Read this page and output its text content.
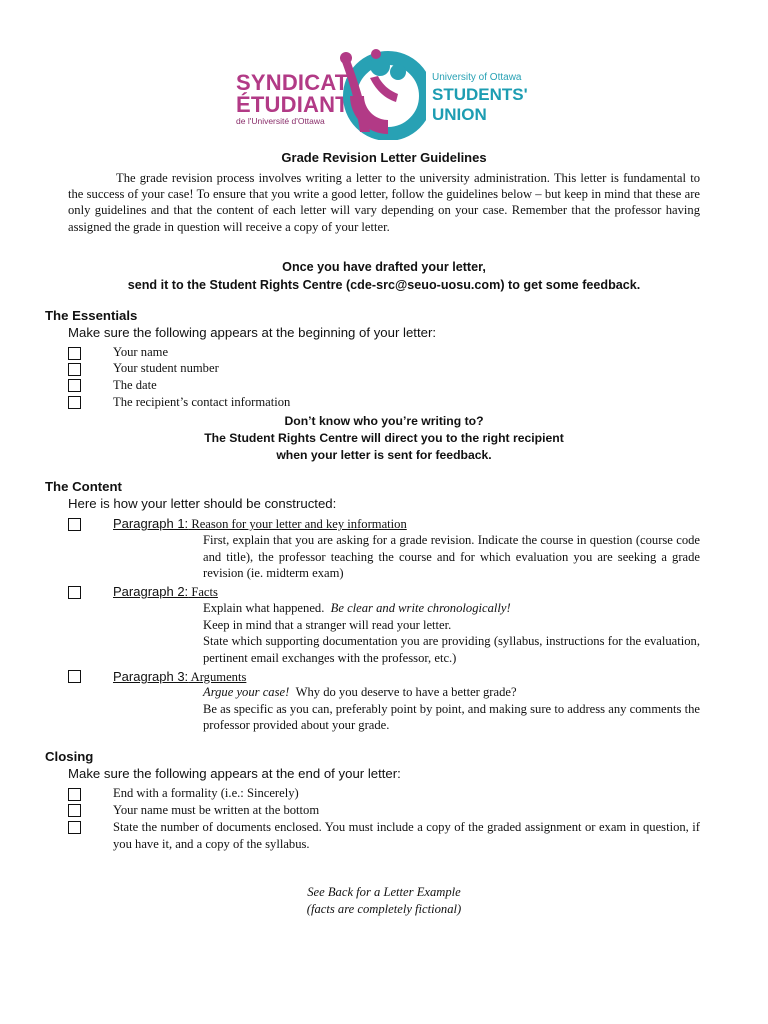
SYNDICAT
ÉTUDIANT
de l'Université d'Ottawa
University of Ottawa
STUDENTS'
UNION
Grade Revision Letter Guidelines
The grade revision process involves writing a letter to the university administration. This letter is fundamental to the success of your case! To ensure that you write a good letter, follow the guidelines below – but keep in mind that these are only guidelines and that the content of each letter will vary depending on your case. Remember that the professor having assigned the grade in question will receive a copy of your letter.
Once you have drafted your letter,
send it to the Student Rights Centre (cde-src@seuo-uosu.com) to get some feedback.
The Essentials
Make sure the following appears at the beginning of your letter:
Your name
Your student number
The date
The recipient’s contact information
Don’t know who you’re writing to?
The Student Rights Centre will direct you to the right recipient
when your letter is sent for feedback.
The Content
Here is how your letter should be constructed:
Paragraph 1: Reason for your letter and key information
First, explain that you are asking for a grade revision. Indicate the course in question (course code and title), the professor teaching the course and for which evaluation you are seeking a grade revision (ie. midterm exam)
Paragraph 2: Facts

Explain what happened. Be clear and write chronologically!

Keep in mind that a stranger will read your letter.

State which supporting documentation you are providing (syllabus, instructions for the evaluation, pertinent email exchanges with the professor, etc.)

Paragraph 3: Arguments

Argue your case! Why do you deserve to have a better grade?

Be as specific as you can, preferably point by point, and making sure to address any comments the professor provided about your grade.

Closing
Make sure the following appears at the end of your letter:
End with a formality (i.e.: Sincerely)
Your name must be written at the bottom
State the number of documents enclosed. You must include a copy of the graded assignment or exam in question, if you have it, and a copy of the syllabus.
See Back for a Letter Example
(facts are completely fictional)
